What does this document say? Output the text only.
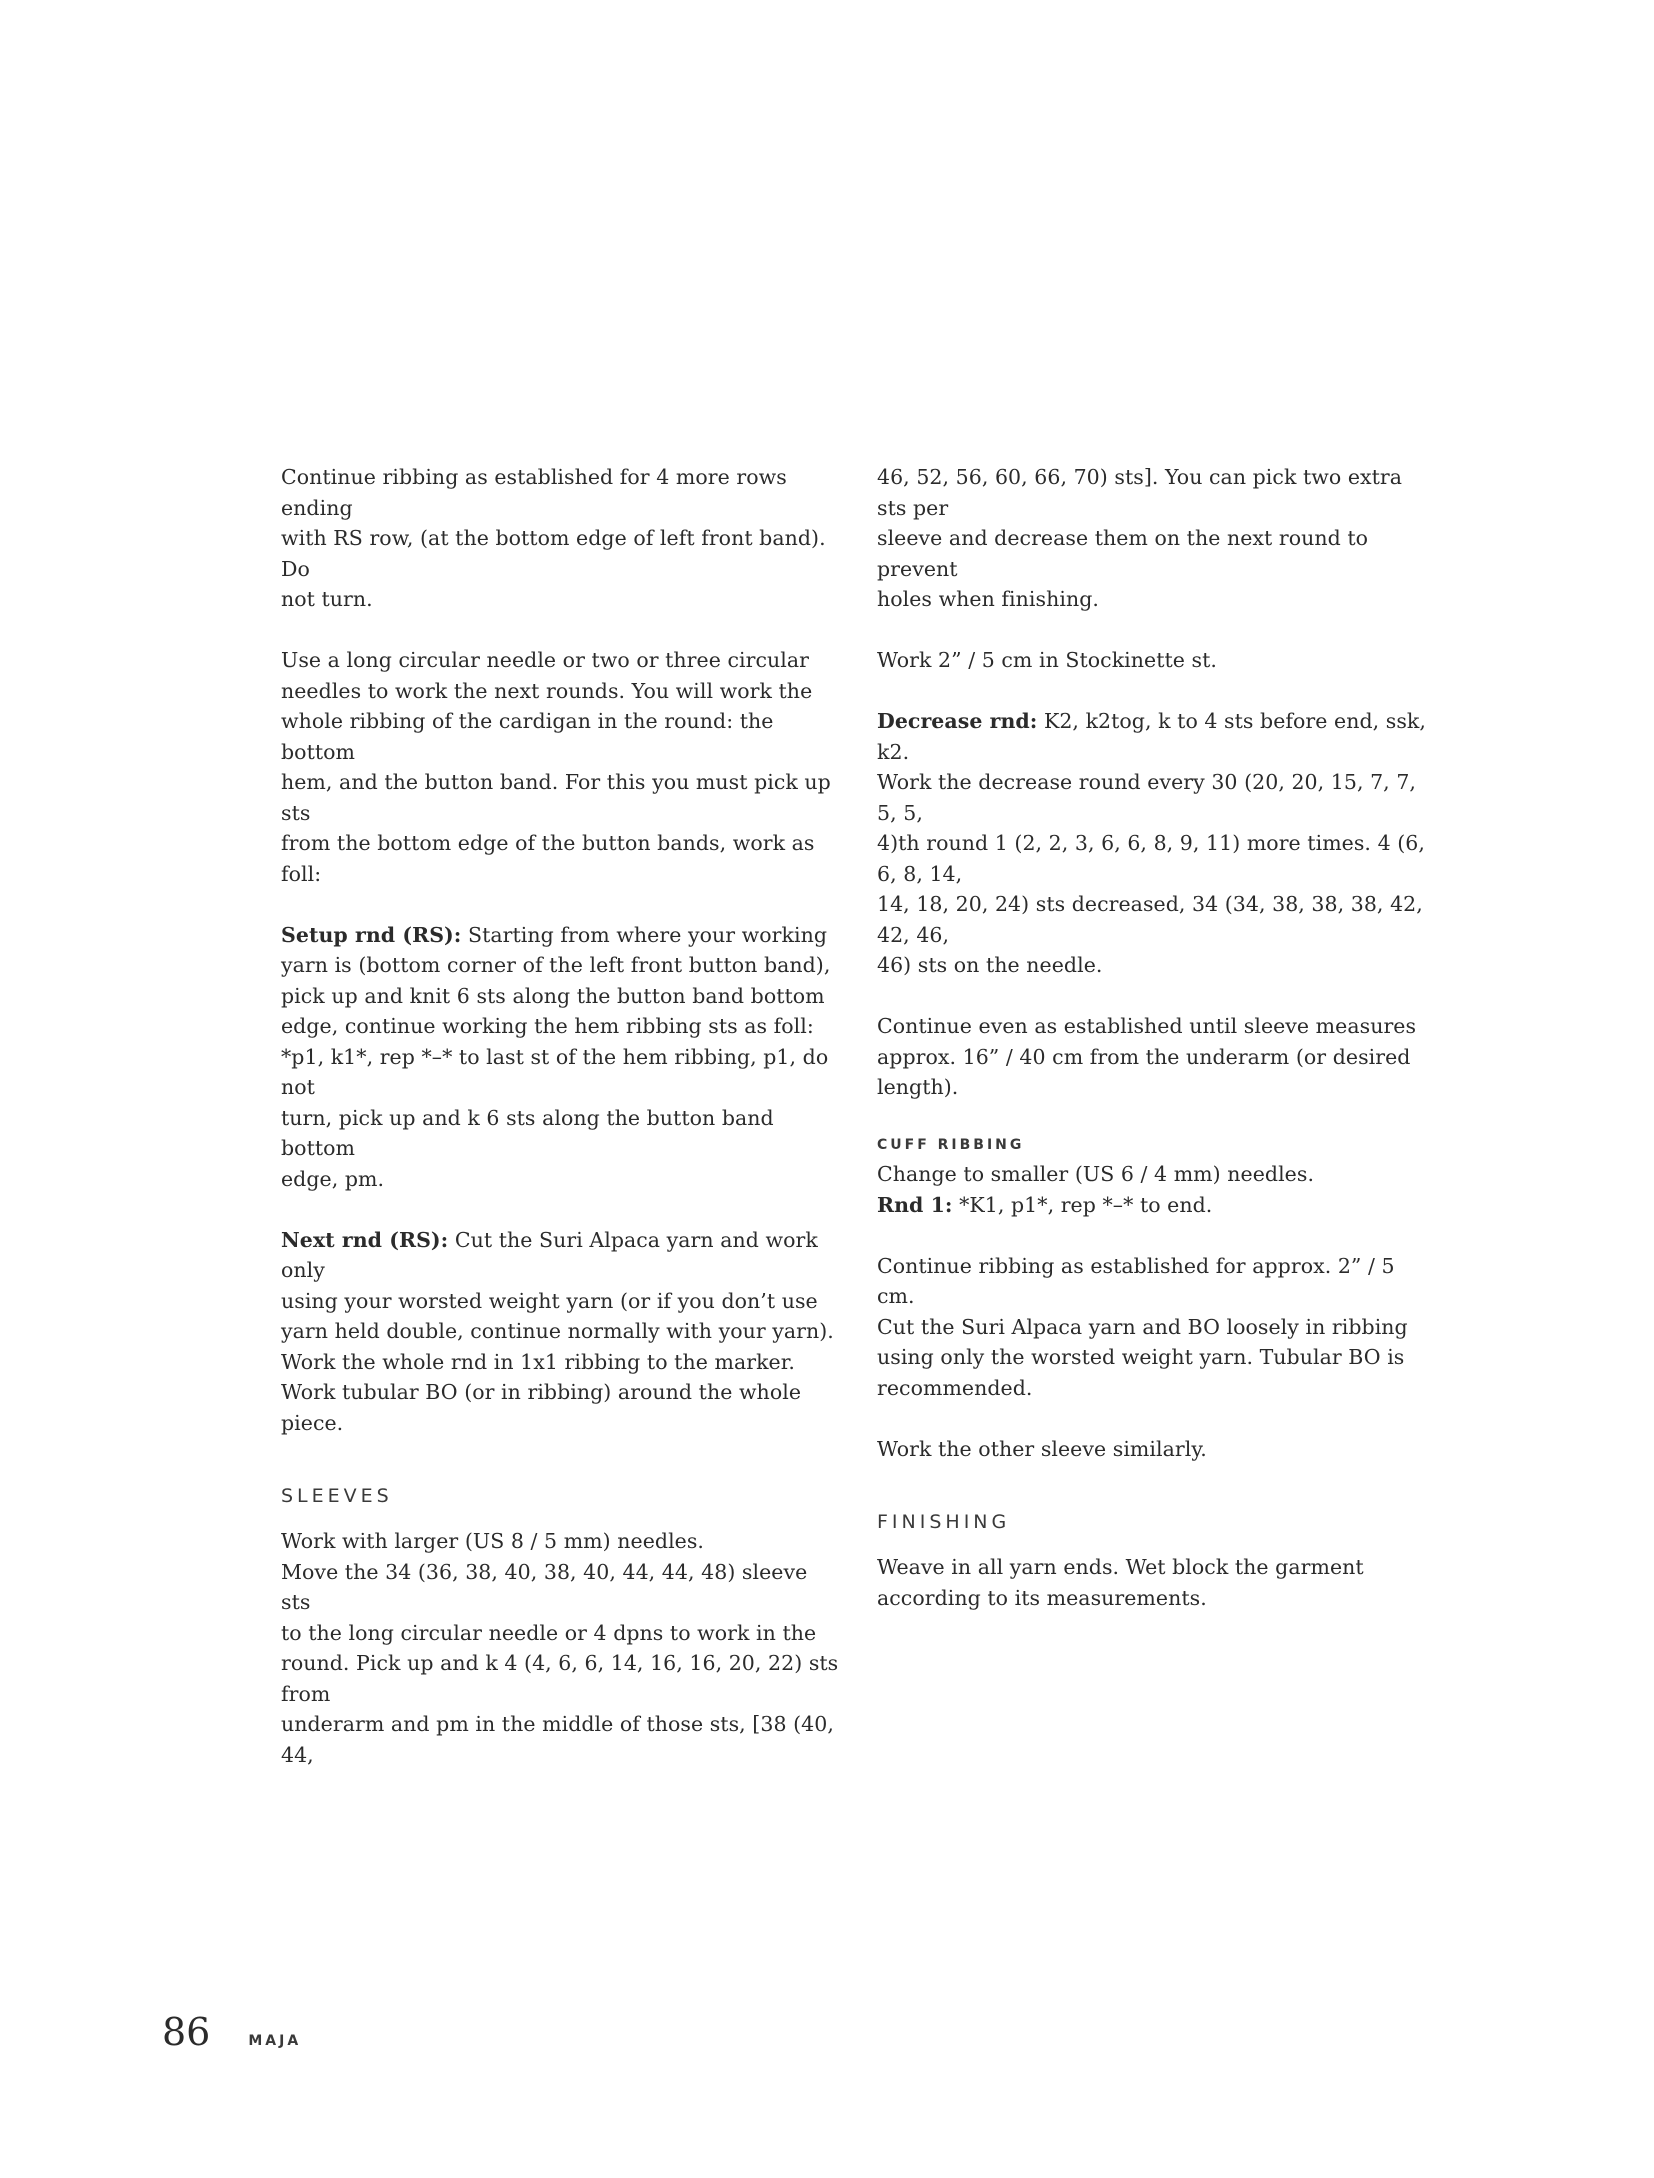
Continue ribbing as established for 4 more rows ending
with RS row, (at the bottom edge of left front band). Do
not turn.

Use a long circular needle or two or three circular
needles to work the next rounds. You will work the
whole ribbing of the cardigan in the round: the bottom
hem, and the button band. For this you must pick up sts
from the bottom edge of the button bands, work as foll:

Setup rnd (RS): Starting from where your working
yarn is (bottom corner of the left front button band),
pick up and knit 6 sts along the button band bottom
edge, continue working the hem ribbing sts as foll:
*p1, k1*, rep *–* to last st of the hem ribbing, p1, do not
turn, pick up and k 6 sts along the button band bottom
edge, pm.

Next rnd (RS): Cut the Suri Alpaca yarn and work only
using your worsted weight yarn (or if you don’t use
yarn held double, continue normally with your yarn).
Work the whole rnd in 1x1 ribbing to the marker.
Work tubular BO (or in ribbing) around the whole piece.

SLEEVES

Work with larger (US 8 / 5 mm) needles.
Move the 34 (36, 38, 40, 38, 40, 44, 44, 48) sleeve sts
to the long circular needle or 4 dpns to work in the
round. Pick up and k 4 (4, 6, 6, 14, 16, 16, 20, 22) sts from
underarm and pm in the middle of those sts, [38 (40, 44,

46, 52, 56, 60, 66, 70) sts]. You can pick two extra sts per
sleeve and decrease them on the next round to prevent
holes when finishing.

Work 2” / 5 cm in Stockinette st.

Decrease rnd: K2, k2tog, k to 4 sts before end, ssk, k2.
Work the decrease round every 30 (20, 20, 15, 7, 7, 5, 5,
4)th round 1 (2, 2, 3, 6, 6, 8, 9, 11) more times. 4 (6, 6, 8, 14,
14, 18, 20, 24) sts decreased, 34 (34, 38, 38, 38, 42, 42, 46,
46) sts on the needle.

Continue even as established until sleeve measures
approx. 16” / 40 cm from the underarm (or desired
length).

CUFF RIBBING

Change to smaller (US 6 / 4 mm) needles.

Rnd 1: *K1, p1*, rep *–* to end.

Continue ribbing as established for approx. 2” / 5 cm.
Cut the Suri Alpaca yarn and BO loosely in ribbing
using only the worsted weight yarn. Tubular BO is
recommended.

Work the other sleeve similarly.

FINISHING

Weave in all yarn ends. Wet block the garment
according to its measurements.

86	MAJA
